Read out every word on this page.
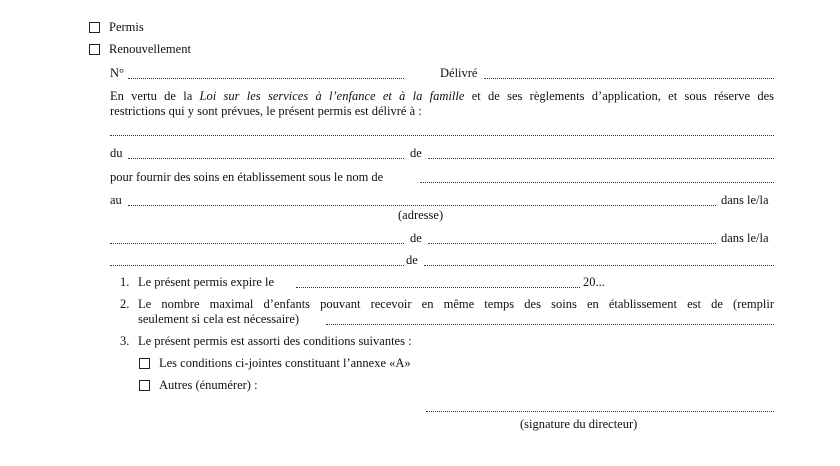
Permis
Renouvellement
N°	Délivré
En vertu de la Loi sur les services à l’enfance et à la famille et de ses règlements d’application, et sous réserve des
restrictions qui y sont prévues, le présent permis est délivré à :
du	de
pour fournir des soins en établissement sous le nom de
au	dans le/la
(adresse)
de	dans le/la
de
1. Le présent permis expire le	20...
2. Le nombre maximal d’enfants pouvant recevoir en même temps des soins en établissement est de (remplir
seulement si cela est nécessaire)
3. Le présent permis est assorti des conditions suivantes :
Les conditions ci-jointes constituant l’annexe «A»
Autres (énumérer) :
(signature du directeur)
